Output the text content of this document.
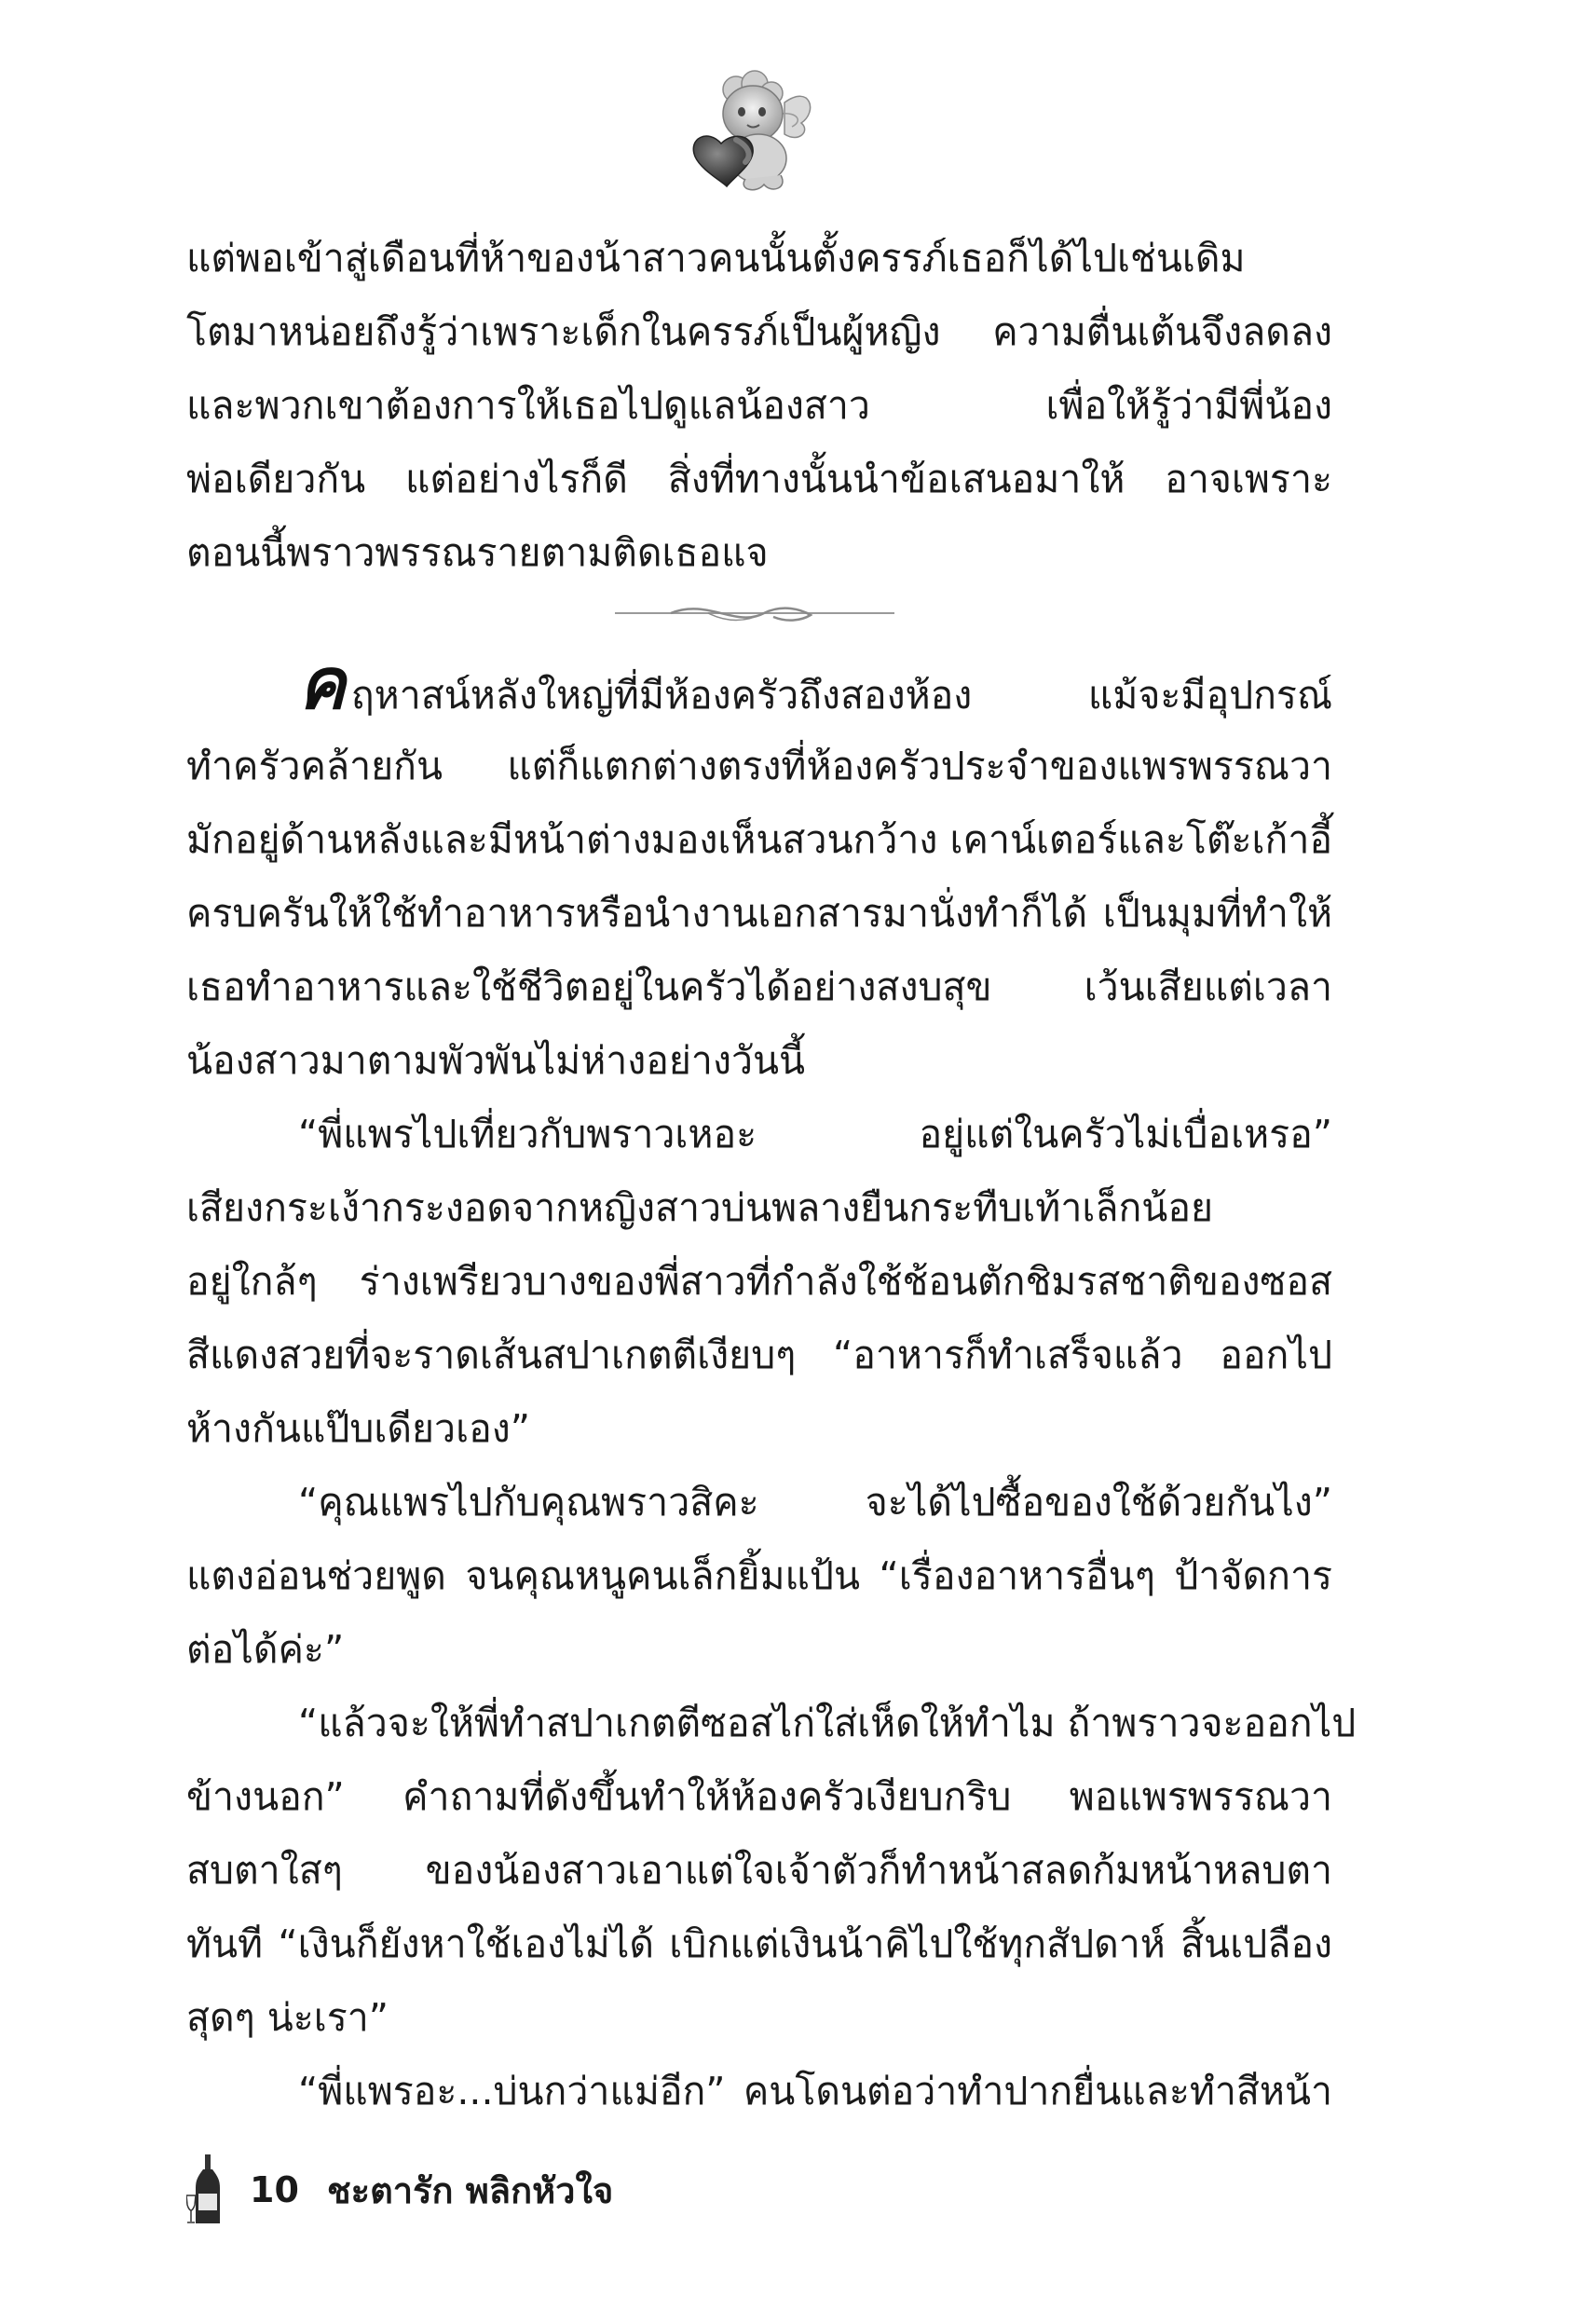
แต่พอเข้าสู่เดือนที่ห้าของน้าสาวคนนั้นตั้งครรภ์เธอก็ได้ไปเช่นเดิม
โตมาหน่อยถึงรู้ว่าเพราะเด็กในครรภ์เป็นผู้หญิง ความตื่นเต้นจึงลดลง
และพวกเขาต้องการให้เธอไปดูแลน้องสาว เพื่อให้รู้ว่ามีพี่น้อง
พ่อเดียวกัน แต่อย่างไรก็ดี สิ่งที่ทางนั้นนำข้อเสนอมาให้ อาจเพราะ
ตอนนี้พราวพรรณรายตามติดเธอแจ
คฤหาสน์หลังใหญ่ที่มีห้องครัวถึงสองห้อง แม้จะมีอุปกรณ์
ทำครัวคล้ายกัน แต่ก็แตกต่างตรงที่ห้องครัวประจำของแพรพรรณวา
มักอยู่ด้านหลังและมีหน้าต่างมองเห็นสวนกว้าง เคาน์เตอร์และโต๊ะเก้าอี้
ครบครันให้ใช้ทำอาหารหรือนำงานเอกสารมานั่งทำก็ได้ เป็นมุมที่ทำให้
เธอทำอาหารและใช้ชีวิตอยู่ในครัวได้อย่างสงบสุข เว้นเสียแต่เวลา
น้องสาวมาตามพัวพันไม่ห่างอย่างวันนี้
“พี่แพรไปเที่ยวกับพราวเหอะ อยู่แต่ในครัวไม่เบื่อเหรอ”
เสียงกระเง้ากระงอดจากหญิงสาวบ่นพลางยืนกระทืบเท้าเล็กน้อย
อยู่ใกล้ๆ ร่างเพรียวบางของพี่สาวที่กำลังใช้ช้อนตักชิมรสชาติของซอส
สีแดงสวยที่จะราดเส้นสปาเกตตีเงียบๆ “อาหารก็ทำเสร็จแล้ว ออกไป
ห้างกันแป๊บเดียวเอง”
“คุณแพรไปกับคุณพราวสิคะ จะได้ไปซื้อของใช้ด้วยกันไง”
แตงอ่อนช่วยพูด จนคุณหนูคนเล็กยิ้มแป้น “เรื่องอาหารอื่นๆ ป้าจัดการ
ต่อได้ค่ะ”
“แล้วจะให้พี่ทำสปาเกตตีซอสไก่ใส่เห็ดให้ทำไม ถ้าพราวจะออกไป
ข้างนอก” คำถามที่ดังขึ้นทำให้ห้องครัวเงียบกริบ พอแพรพรรณวา
สบตาใสๆ ของน้องสาวเอาแต่ใจเจ้าตัวก็ทำหน้าสลดก้มหน้าหลบตา
ทันที “เงินก็ยังหาใช้เองไม่ได้ เบิกแต่เงินน้าคิไปใช้ทุกสัปดาห์ สิ้นเปลือง
สุดๆ น่ะเรา”
“พี่แพรอะ...บ่นกว่าแม่อีก” คนโดนต่อว่าทำปากยื่นและทำสีหน้า
10 ชะตารัก พลิกหัวใจ
